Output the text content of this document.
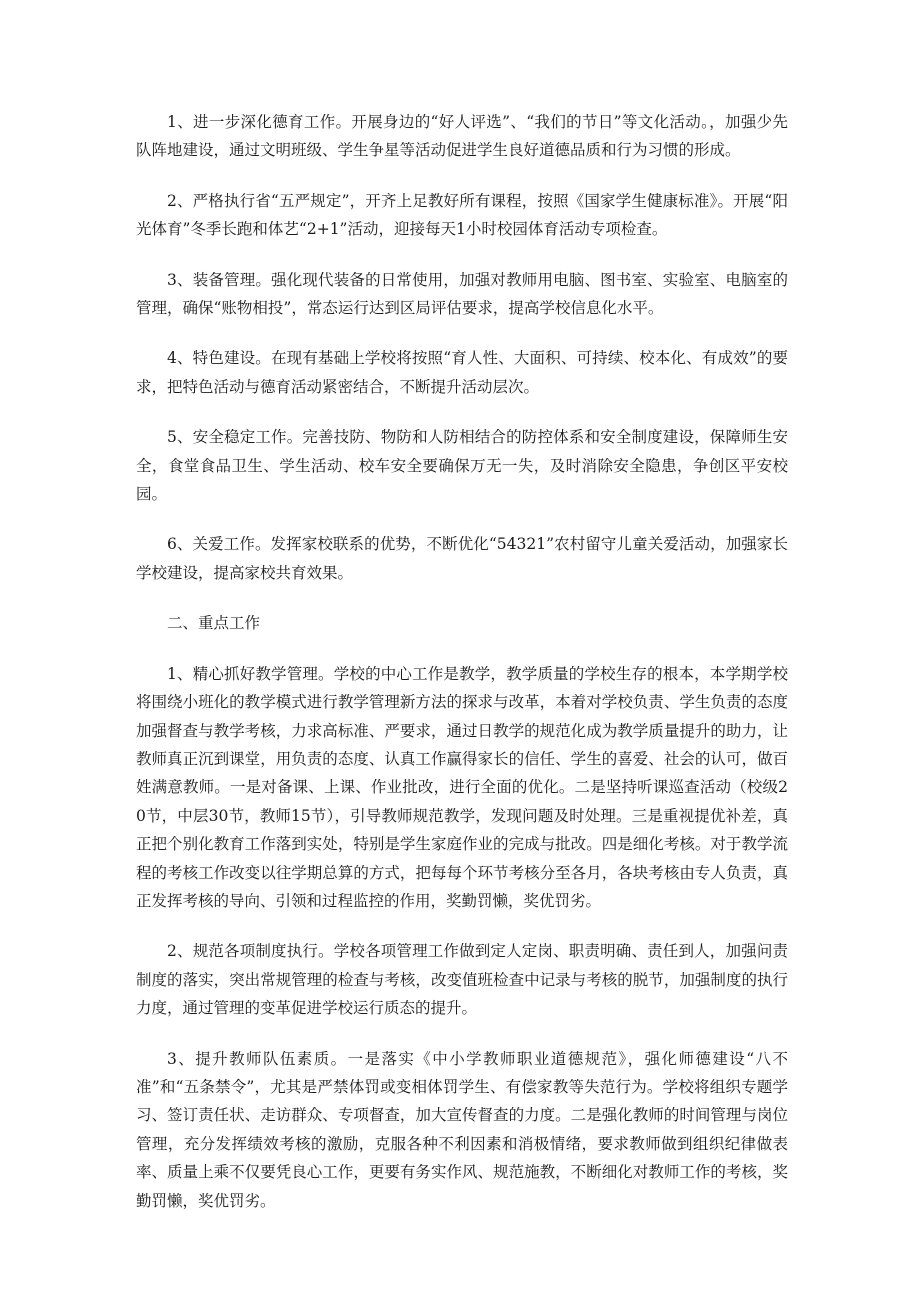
1、进一步深化德育工作。开展身边的“好人评选”、“我们的节日”等文化活动。，加强少先队阵地建设，通过文明班级、学生争星等活动促进学生良好道德品质和行为习惯的形成。

2、严格执行省“五严规定”，开齐上足教好所有课程，按照《国家学生健康标准》。开展“阳光体育”冬季长跑和体艺“2+1”活动，迎接每天1小时校园体育活动专项检查。

3、装备管理。强化现代装备的日常使用，加强对教师用电脑、图书室、实验室、电脑室的管理，确保“账物相投”，常态运行达到区局评估要求，提高学校信息化水平。

4、特色建设。在现有基础上学校将按照“育人性、大面积、可持续、校本化、有成效”的要求，把特色活动与德育活动紧密结合，不断提升活动层次。

5、安全稳定工作。完善技防、物防和人防相结合的防控体系和安全制度建设，保障师生安全，食堂食品卫生、学生活动、校车安全要确保万无一失，及时消除安全隐患，争创区平安校园。

6、关爱工作。发挥家校联系的优势，不断优化“54321”农村留守儿童关爱活动，加强家长学校建设，提高家校共育效果。

二、重点工作

1、精心抓好教学管理。学校的中心工作是教学，教学质量的学校生存的根本，本学期学校将围绕小班化的教学模式进行教学管理新方法的探求与改革，本着对学校负责、学生负责的态度加强督查与教学考核，力求高标准、严要求，通过日教学的规范化成为教学质量提升的助力，让教师真正沉到课堂，用负责的态度、认真工作赢得家长的信任、学生的喜爱、社会的认可，做百姓满意教师。一是对备课、上课、作业批改，进行全面的优化。二是坚持听课巡查活动（校级20节，中层30节，教师15节），引导教师规范教学，发现问题及时处理。三是重视提优补差，真正把个别化教育工作落到实处，特别是学生家庭作业的完成与批改。四是细化考核。对于教学流程的考核工作改变以往学期总算的方式，把每每个环节考核分至各月，各块考核由专人负责，真正发挥考核的导向、引领和过程监控的作用，奖勤罚懒，奖优罚劣。

2、规范各项制度执行。学校各项管理工作做到定人定岗、职责明确、责任到人，加强问责制度的落实，突出常规管理的检查与考核，改变值班检查中记录与考核的脱节，加强制度的执行力度，通过管理的变革促进学校运行质态的提升。

3、提升教师队伍素质。一是落实《中小学教师职业道德规范》，强化师德建设“八不准”和“五条禁令”，尤其是严禁体罚或变相体罚学生、有偿家教等失范行为。学校将组织专题学习、签订责任状、走访群众、专项督查，加大宣传督查的力度。二是强化教师的时间管理与岗位管理，充分发挥绩效考核的激励，克服各种不利因素和消极情绪，要求教师做到组织纪律做表率、质量上乘不仅要凭良心工作，更要有务实作风、规范施教，不断细化对教师工作的考核，奖勤罚懒，奖优罚劣。
